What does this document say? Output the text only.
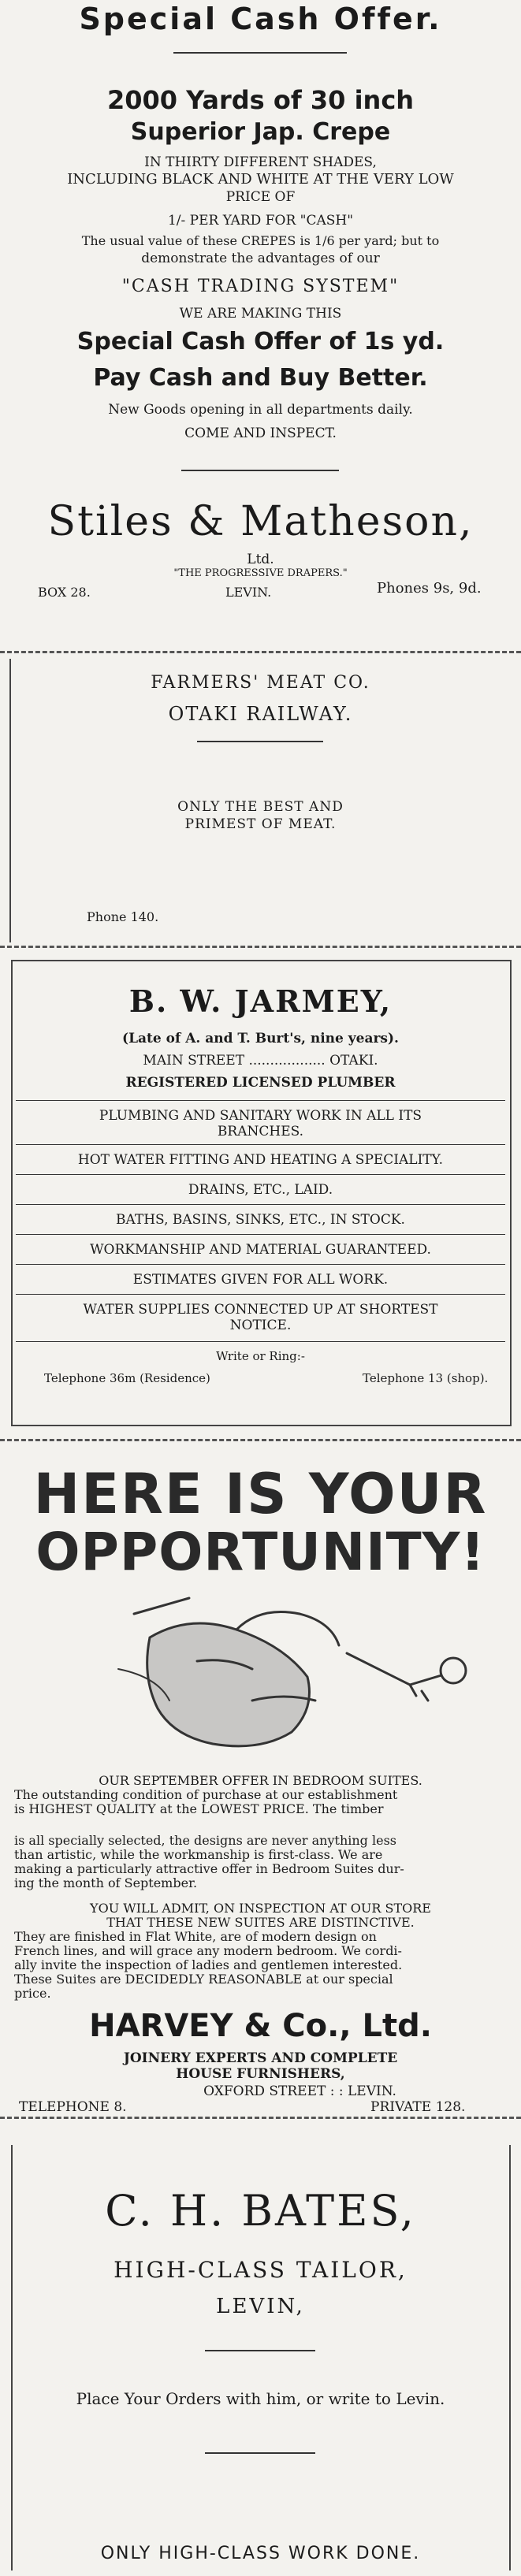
Special Cash Offer.
2000 Yards of 30 inch
Superior Jap. Crepe
IN THIRTY DIFFERENT SHADES,
INCLUDING BLACK AND WHITE AT THE VERY LOW
PRICE OF
1/- PER YARD FOR "CASH"
The usual value of these CREPES is 1/6 per yard; but to
demonstrate the advantages of our
"CASH TRADING SYSTEM"
WE ARE MAKING THIS
Special Cash Offer of 1s yd.
Pay Cash and Buy Better.
New Goods opening in all departments daily.
COME AND INSPECT.
Stiles & Matheson,
Ltd.
"THE PROGRESSIVE DRAPERS."
BOX 28.	LEVIN.	Phones 9s, 9d.
FARMERS' MEAT CO.
OTAKI RAILWAY.
ONLY THE BEST AND
PRIMEST OF MEAT.
Phone 140.
B. W. JARMEY,
(Late of A. and T. Burt's, nine years).
MAIN STREET .................. OTAKI.
REGISTERED LICENSED PLUMBER
PLUMBING AND SANITARY WORK IN ALL ITS
BRANCHES.
HOT WATER FITTING AND HEATING A SPECIALITY.
DRAINS, ETC., LAID.
BATHS, BASINS, SINKS, ETC., IN STOCK.
WORKMANSHIP AND MATERIAL GUARANTEED.
ESTIMATES GIVEN FOR ALL WORK.
WATER SUPPLIES CONNECTED UP AT SHORTEST
NOTICE.
Write or Ring:-
Telephone 36m (Residence)	Telephone 13 (shop).
HERE IS YOUR
OPPORTUNITY!
OUR SEPTEMBER OFFER IN BEDROOM SUITES.
The outstanding condition of purchase at our establishment
is HIGHEST QUALITY at the LOWEST PRICE. The timber
is all specially selected, the designs are never anything less
than artistic, while the workmanship is first-class. We are
making a particularly attractive offer in Bedroom Suites dur-
ing the month of September.
YOU WILL ADMIT, ON INSPECTION AT OUR STORE
THAT THESE NEW SUITES ARE DISTINCTIVE.
They are finished in Flat White, are of modern design on
French lines, and will grace any modern bedroom. We cordi-
ally invite the inspection of ladies and gentlemen interested.
These Suites are DECIDEDLY REASONABLE at our special
price.
HARVEY & Co., Ltd.
JOINERY EXPERTS AND COMPLETE
HOUSE FURNISHERS,
OXFORD STREET : : LEVIN.
TELEPHONE 8.	PRIVATE 128.
C. H. BATES,
HIGH-CLASS TAILOR,
LEVIN,
Place Your Orders with him, or write to Levin.
ONLY HIGH-CLASS WORK DONE.
